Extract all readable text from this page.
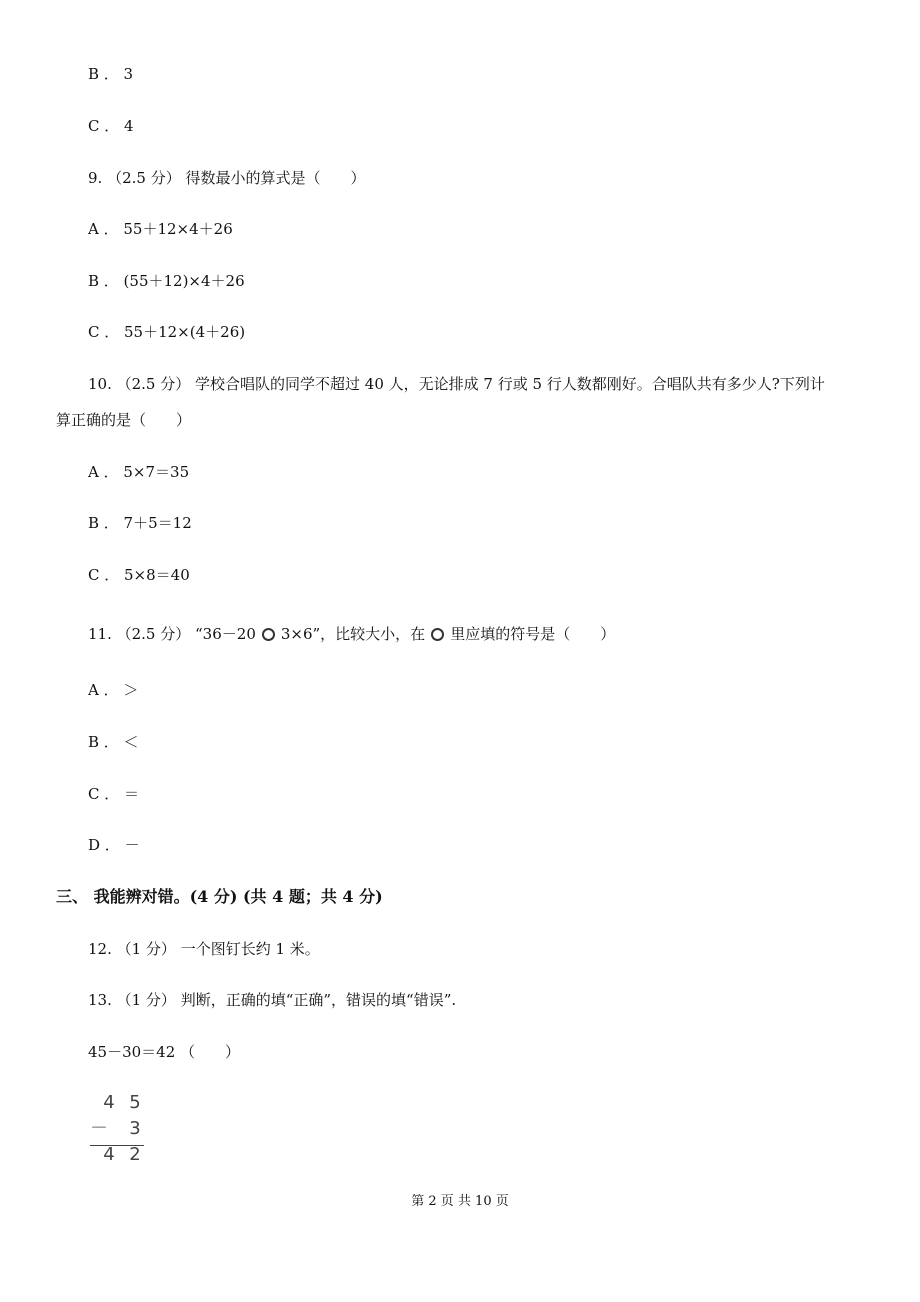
B ． 3
C ． 4
9. （2.5 分） 得数最小的算式是（　　）
A ． 55＋12×4＋26
B ． (55＋12)×4＋26
C ． 55＋12×(4＋26)
10. （2.5 分） 学校合唱队的同学不超过 40 人，无论排成 7 行或 5 行人数都刚好。合唱队共有多少人?下列计
算正确的是（　　）
A ． 5×7＝35
B ． 7＋5＝12
C ． 5×8＝40
11. （2.5 分） “36－20 3×6”，比较大小，在 里应填的符号是（　　）
A ． ＞
B ． ＜
C ． ＝
D ． －
三、 我能辨对错。(4 分) (共 4 题；共 4 分)
12. （1 分） 一个图钉长约 1 米。
13. （1 分） 判断，正确的填“正确”，错误的填“错误”.
45－30＝42 （　　）
4 5
－ 3
4 2
第 2 页 共 10 页
